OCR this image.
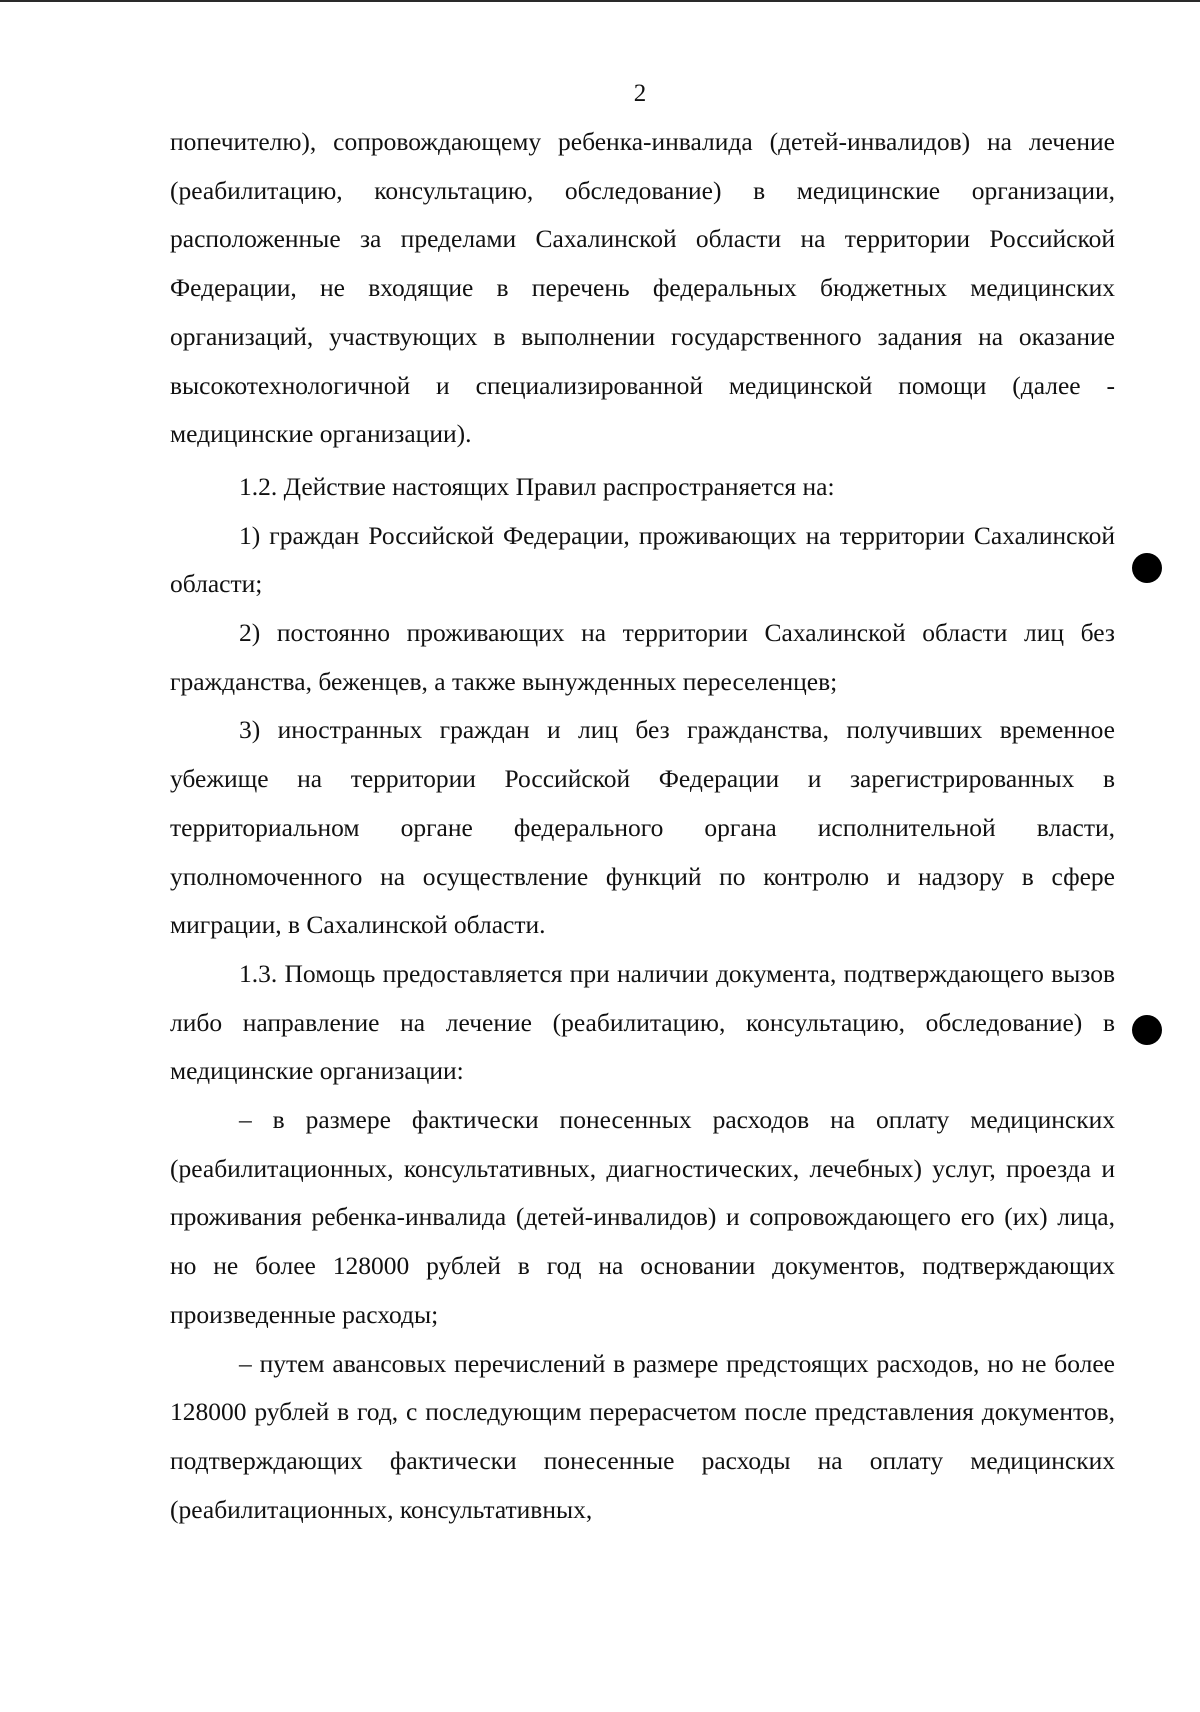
2

попечителю), сопровождающему ребенка-инвалида (детей-инвалидов) на лечение (реабилитацию, консультацию, обследование) в медицинские организации, расположенные за пределами Сахалинской области на территории Российской Федерации, не входящие в перечень федеральных бюджетных медицинских организаций, участвующих в выполнении государственного задания на оказание высокотехнологичной и специализированной медицинской помощи (далее - медицинские организации).

1.2. Действие настоящих Правил распространяется на:

1) граждан Российской Федерации, проживающих на территории Сахалинской области;

2) постоянно проживающих на территории Сахалинской области лиц без гражданства, беженцев, а также вынужденных переселенцев;

3) иностранных граждан и лиц без гражданства, получивших временное убежище на территории Российской Федерации и зарегистрированных в территориальном органе федерального органа исполнительной власти, уполномоченного на осуществление функций по контролю и надзору в сфере миграции, в Сахалинской области.

1.3. Помощь предоставляется при наличии документа, подтверждающего вызов либо направление на лечение (реабилитацию, консультацию, обследование) в медицинские организации:

– в размере фактически понесенных расходов на оплату медицинских (реабилитационных, консультативных, диагностических, лечебных) услуг, проезда и проживания ребенка-инвалида (детей-инвалидов) и сопровождающего его (их) лица, но не более 128000 рублей в год на основании документов, подтверждающих произведенные расходы;

– путем авансовых перечислений в размере предстоящих расходов, но не более 128000 рублей в год, с последующим перерасчетом после представления документов, подтверждающих фактически понесенные расходы на оплату медицинских (реабилитационных, консультативных,
